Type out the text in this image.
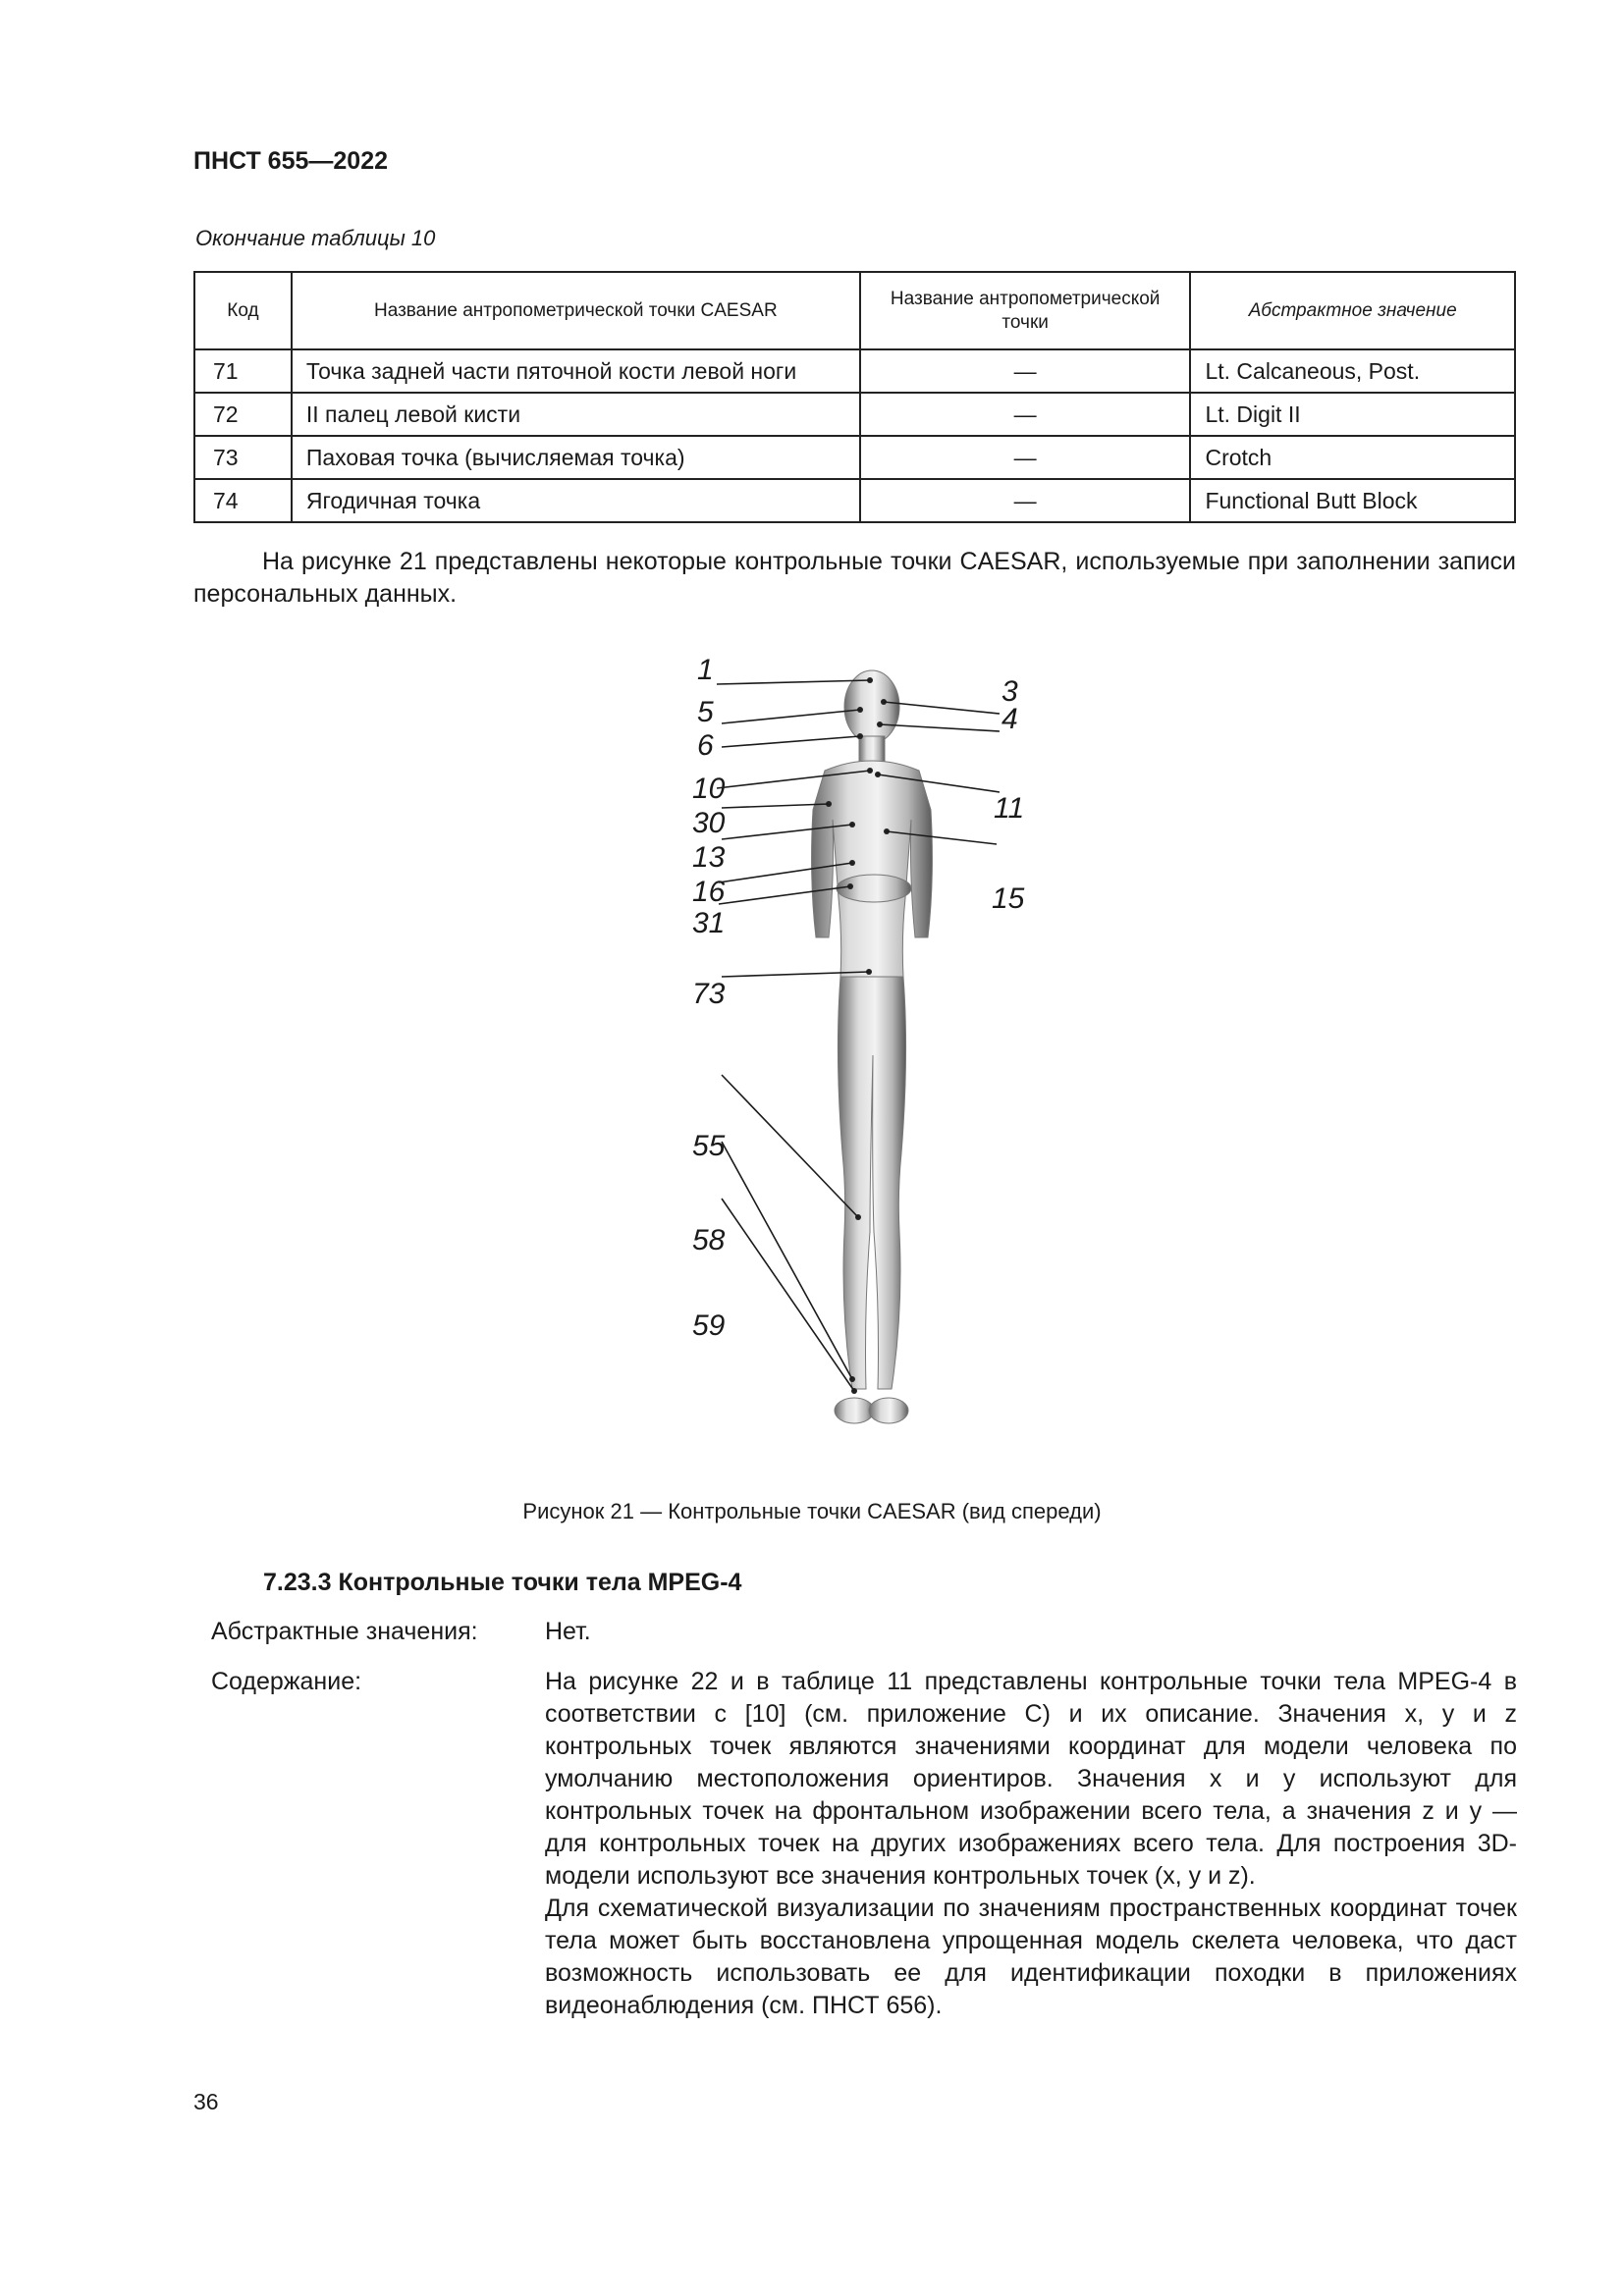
ПНСТ 655—2022
Окончание таблицы 10
Код	Название антропометрической точки CAESAR	Название антропометрической точки	Абстрактное значение
71	Точка задней части пяточной кости левой ноги	—	Lt. Calcaneous, Post.
72	II палец левой кисти	—	Lt. Digit II
73	Паховая точка (вычисляемая точка)	—	Crotch
74	Ягодичная точка	—	Functional Butt Block
На рисунке 21 представлены некоторые контрольные точки CAESAR, используемые при заполнении записи персональных данных.
1
5
6
10
30
13
16
31
73
55
58
59
3
4
11
15
Рисунок 21 — Контрольные точки CAESAR (вид спереди)
7.23.3 Контрольные точки тела MPEG-4
Абстрактные значения:	Нет.
Содержание:	На рисунке 22 и в таблице 11 представлены контрольные точки тела MPEG-4 в соответствии с [10] (см. приложение С) и их описание. Значения x, y и z контрольных точек являются значениями координат для модели человека по умолчанию местоположения ориентиров. Значения x и y используют для контрольных точек на фронтальном изображении всего тела, а значения z и y — для контрольных точек на других изображениях всего тела. Для построения 3D-модели используют все значения контрольных точек (x, y и z).

Для схематической визуализации по значениям пространственных координат точек тела может быть восстановлена упрощенная модель скелета человека, что даст возможность использовать ее для идентификации походки в приложениях видеонаблюдения (см. ПНСТ 656).

36
